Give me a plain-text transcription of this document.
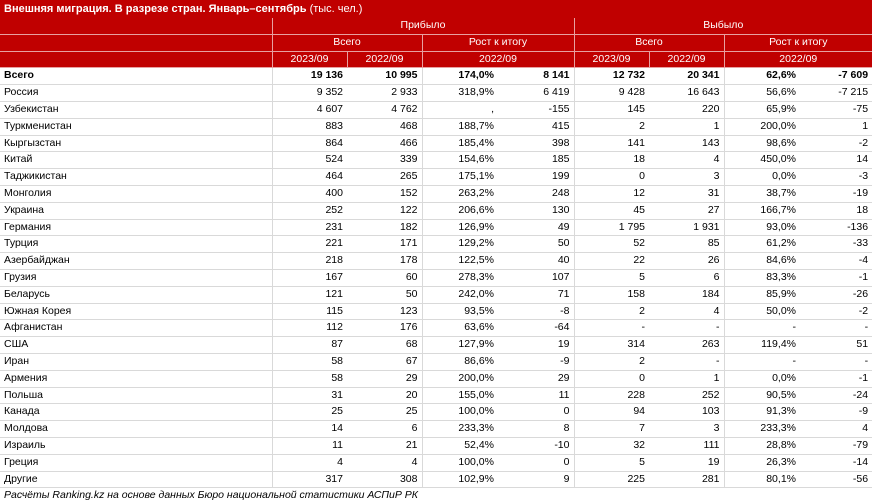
Внешняя миграция. В разрезе стран. Январь–сентябрь (тыс. чел.)								
	Прибыло				Выбыло			
	Всего		Рост к итогу		Всего		Рост к итогу	
	2023/09	2022/09	2022/09		2023/09	2022/09	2022/09	
Всего	19 136	10 995	174,0%	8 141	12 732	20 341	62,6%	-7 609
Россия	9 352	2 933	318,9%	6 419	9 428	16 643	56,6%	-7 215
Узбекистан	4 607	4 762	,	-155	145	220	65,9%	-75
Туркменистан	883	468	188,7%	415	2	1	200,0%	1
Кыргызстан	864	466	185,4%	398	141	143	98,6%	-2
Китай	524	339	154,6%	185	18	4	450,0%	14
Таджикистан	464	265	175,1%	199	0	3	0,0%	-3
Монголия	400	152	263,2%	248	12	31	38,7%	-19
Украина	252	122	206,6%	130	45	27	166,7%	18
Германия	231	182	126,9%	49	1 795	1 931	93,0%	-136
Турция	221	171	129,2%	50	52	85	61,2%	-33
Азербайджан	218	178	122,5%	40	22	26	84,6%	-4
Грузия	167	60	278,3%	107	5	6	83,3%	-1
Беларусь	121	50	242,0%	71	158	184	85,9%	-26
Южная Корея	115	123	93,5%	-8	2	4	50,0%	-2
Афганистан	112	176	63,6%	-64	-	-	-	-
США	87	68	127,9%	19	314	263	119,4%	51
Иран	58	67	86,6%	-9	2	-	-	-
Армения	58	29	200,0%	29	0	1	0,0%	-1
Польша	31	20	155,0%	11	228	252	90,5%	-24
Канада	25	25	100,0%	0	94	103	91,3%	-9
Молдова	14	6	233,3%	8	7	3	233,3%	4
Израиль	11	21	52,4%	-10	32	111	28,8%	-79
Греция	4	4	100,0%	0	5	19	26,3%	-14
Другие	317	308	102,9%	9	225	281	80,1%	-56
Расчёты Ranking.kz на основе данных Бюро национальной статистики АСПиР РК								
